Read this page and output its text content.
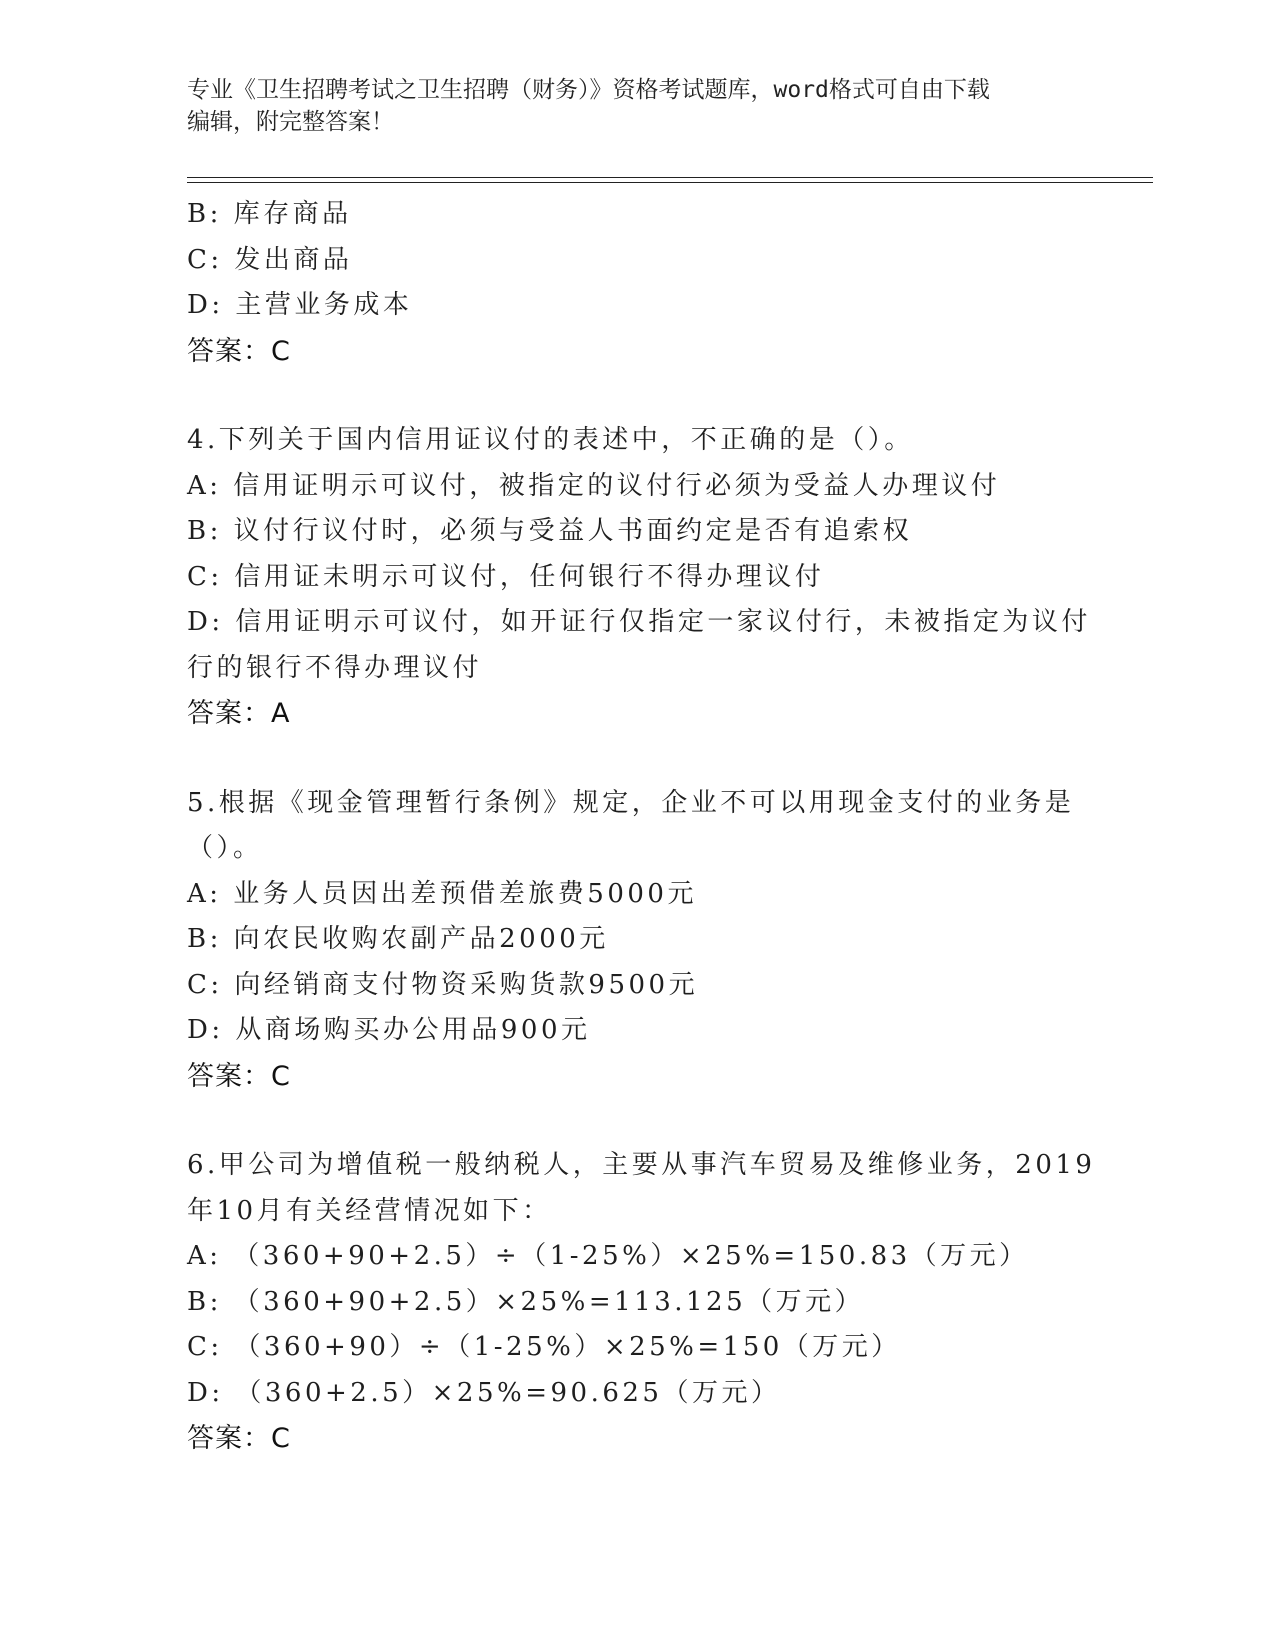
专业《卫生招聘考试之卫生招聘（财务）》资格考试题库，word格式可自由下载
编辑，附完整答案！
B: 库存商品
C: 发出商品
D: 主营业务成本
答案：C
4.下列关于国内信用证议付的表述中，不正确的是（）。
A: 信用证明示可议付，被指定的议付行必须为受益人办理议付
B: 议付行议付时，必须与受益人书面约定是否有追索权
C: 信用证未明示可议付，任何银行不得办理议付
D: 信用证明示可议付，如开证行仅指定一家议付行，未被指定为议付
行的银行不得办理议付
答案：A
5.根据《现金管理暂行条例》规定，企业不可以用现金支付的业务是
（）。
A: 业务人员因出差预借差旅费5000元
B: 向农民收购农副产品2000元
C: 向经销商支付物资采购货款9500元
D: 从商场购买办公用品900元
答案：C
6.甲公司为增值税一般纳税人，主要从事汽车贸易及维修业务，2019
年10月有关经营情况如下：
A: （360+90+2.5）÷（1-25%）×25%=150.83（万元）
B: （360+90+2.5）×25%=113.125（万元）
C: （360+90）÷（1-25%）×25%=150（万元）
D: （360+2.5）×25%=90.625（万元）
答案：C
